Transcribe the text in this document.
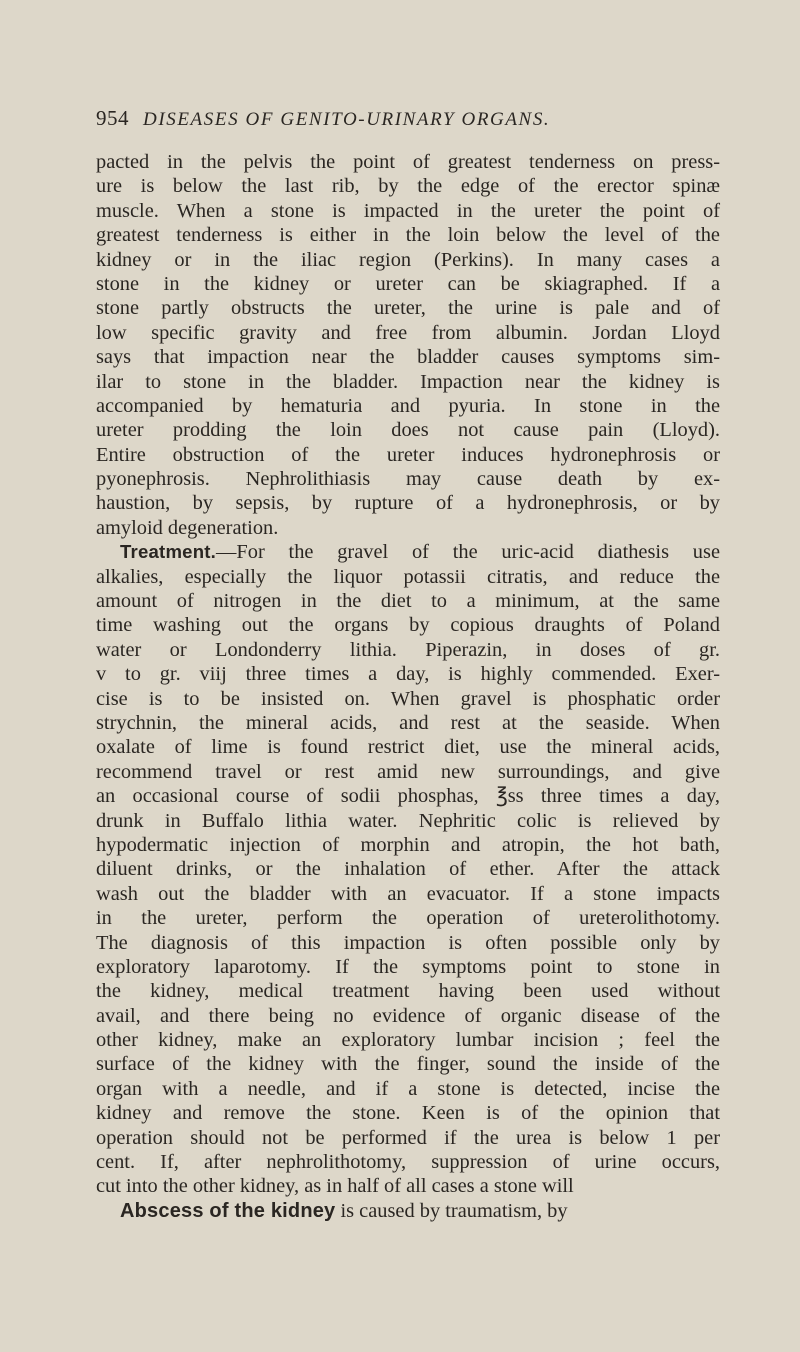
954 DISEASES OF GENITO-URINARY ORGANS.
pacted in the pelvis the point of greatest tenderness on press-
ure is below the last rib, by the edge of the erector spinæ
muscle. When a stone is impacted in the ureter the point of
greatest tenderness is either in the loin below the level of the
kidney or in the iliac region (Perkins). In many cases a
stone in the kidney or ureter can be skiagraphed. If a
stone partly obstructs the ureter, the urine is pale and of
low specific gravity and free from albumin. Jordan Lloyd
says that impaction near the bladder causes symptoms sim-
ilar to stone in the bladder. Impaction near the kidney is
accompanied by hematuria and pyuria. In stone in the
ureter prodding the loin does not cause pain (Lloyd).
Entire obstruction of the ureter induces hydronephrosis or
pyonephrosis. Nephrolithiasis may cause death by ex-
haustion, by sepsis, by rupture of a hydronephrosis, or by
amyloid degeneration.
Treatment.—For the gravel of the uric-acid diathesis use
alkalies, especially the liquor potassii citratis, and reduce the
amount of nitrogen in the diet to a minimum, at the same
time washing out the organs by copious draughts of Poland
water or Londonderry lithia. Piperazin, in doses of gr.
v to gr. viij three times a day, is highly commended. Exer-
cise is to be insisted on. When gravel is phosphatic order
strychnin, the mineral acids, and rest at the seaside. When
oxalate of lime is found restrict diet, use the mineral acids,
recommend travel or rest amid new surroundings, and give
an occasional course of sodii phosphas, ℥ss three times a day,
drunk in Buffalo lithia water. Nephritic colic is relieved by
hypodermatic injection of morphin and atropin, the hot bath,
diluent drinks, or the inhalation of ether. After the attack
wash out the bladder with an evacuator. If a stone impacts
in the ureter, perform the operation of ureterolithotomy.
The diagnosis of this impaction is often possible only by
exploratory laparotomy. If the symptoms point to stone in
the kidney, medical treatment having been used without
avail, and there being no evidence of organic disease of the
other kidney, make an exploratory lumbar incision ; feel the
surface of the kidney with the finger, sound the inside of the
organ with a needle, and if a stone is detected, incise the
kidney and remove the stone. Keen is of the opinion that
operation should not be performed if the urea is below 1 per
cent. If, after nephrolithotomy, suppression of urine occurs,
cut into the other kidney, as in half of all cases a stone will
Abscess of the kidney is caused by traumatism, by
